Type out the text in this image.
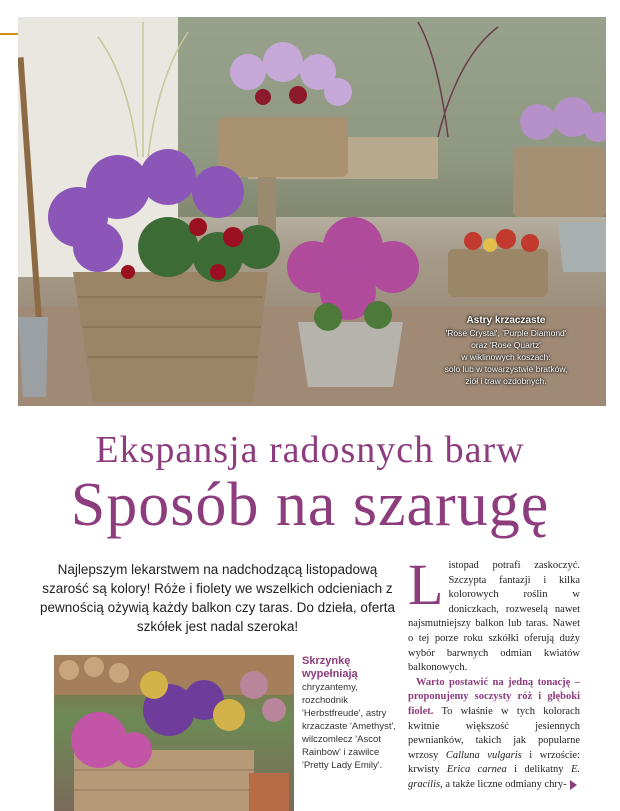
Astry krzaczaste
'Rose Crystal', 'Purple Diamond'
oraz 'Rose Quartz'
w wiklinowych koszach:
solo lub w towarzystwie bratków,
ziół i traw ozdobnych.
Ekspansja radosnych barw
Sposób na szarugę
Najlepszym lekarstwem na nadchodzącą listopadową szarość są kolory! Róże i fiolety we wszelkich odcieniach z pewnością ożywią każdy balkon czy taras. Do dzieła, oferta szkółek jest nadal szeroka!
Listopad potrafi zaskoczyć. Szczypta fantazji i kilka kolorowych roślin w doniczkach, rozweselą nawet najsmutniejszy balkon lub taras. Nawet o tej porze roku szkółki oferują duży wybór barwnych odmian kwiatów balkonowych.
Warto postawić na jedną tonację – proponujemy soczysty róż i głęboki fiolet. To właśnie w tych kolorach kwitnie większość jesiennych pewnianków, takich jak popularne wrzosy Calluna vulgaris i wrzoście: krwisty Erica carnea i delikatny E. gracilis, a także liczne odmiany chry-
Skrzynkę wypełniają
chryzantemy, rozchodnik 'Herbstfreude', astry krzaczaste 'Amethyst', wilczomlecz 'Ascot Rainbow' i zawilce 'Pretty Lady Emily'.
